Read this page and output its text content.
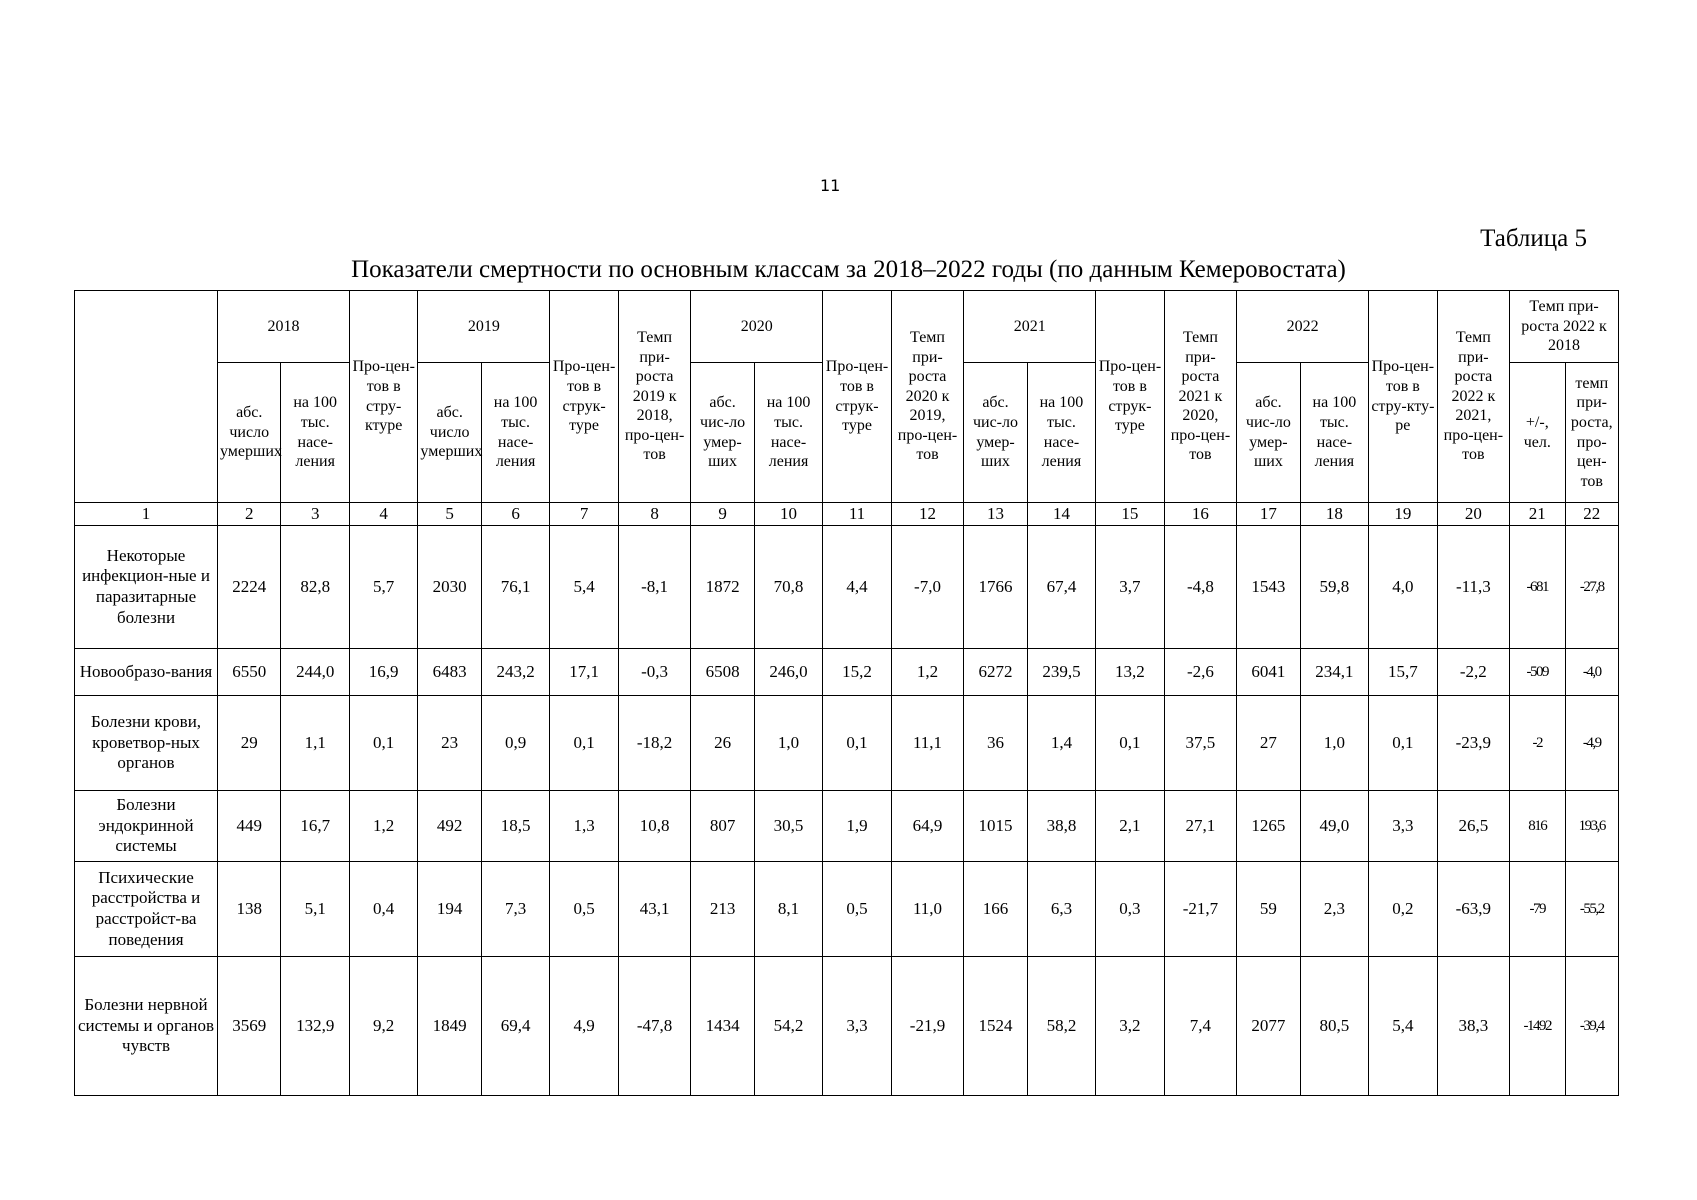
11
Таблица 5
Показатели смертности по основным классам за 2018–2022 годы (по данным Кемеровостата)
	2018		Про-цен-тов в стру-ктуре	2019		Про-цен-тов в струк-туре	Темп при-роста 2019 к 2018, про-цен-тов	2020		Про-цен-тов в струк-туре	Темп при-роста 2020 к 2019, про-цен-тов	2021		Про-цен-тов в струк-туре	Темп при-роста 2021 к 2020, про-цен-тов	2022		Про-цен-тов в стру-кту-ре	Темп при-роста 2022 к 2021, про-цен-тов	Темп при-роста 2022 к 2018	
	абс. число умерших	на 100 тыс. насе-ления		абс. число умерших	на 100 тыс. насе-ления			абс. чис-ло умер-ших	на 100 тыс. насе-ления			абс. чис-ло умер-ших	на 100 тыс. насе-ления			абс. чис-ло умер-ших	на 100 тыс. насе-ления			+/-, чел.	темп при-роста, про-цен-тов
1	2	3	4	5	6	7	8	9	10	11	12	13	14	15	16	17	18	19	20	21	22
Некоторые инфекцион-ные и паразитарные болезни	2224	82,8	5,7	2030	76,1	5,4	-8,1	1872	70,8	4,4	-7,0	1766	67,4	3,7	-4,8	1543	59,8	4,0	-11,3	-681	-27,8
Новообразо-вания	6550	244,0	16,9	6483	243,2	17,1	-0,3	6508	246,0	15,2	1,2	6272	239,5	13,2	-2,6	6041	234,1	15,7	-2,2	-509	-4,0
Болезни крови, кроветвор-ных органов	29	1,1	0,1	23	0,9	0,1	-18,2	26	1,0	0,1	11,1	36	1,4	0,1	37,5	27	1,0	0,1	-23,9	-2	-4,9
Болезни эндокринной системы	449	16,7	1,2	492	18,5	1,3	10,8	807	30,5	1,9	64,9	1015	38,8	2,1	27,1	1265	49,0	3,3	26,5	816	193,6
Психические расстройства и расстройст-ва поведения	138	5,1	0,4	194	7,3	0,5	43,1	213	8,1	0,5	11,0	166	6,3	0,3	-21,7	59	2,3	0,2	-63,9	-79	-55,2
Болезни нервной системы и органов чувств	3569	132,9	9,2	1849	69,4	4,9	-47,8	1434	54,2	3,3	-21,9	1524	58,2	3,2	7,4	2077	80,5	5,4	38,3	-1492	-39,4
